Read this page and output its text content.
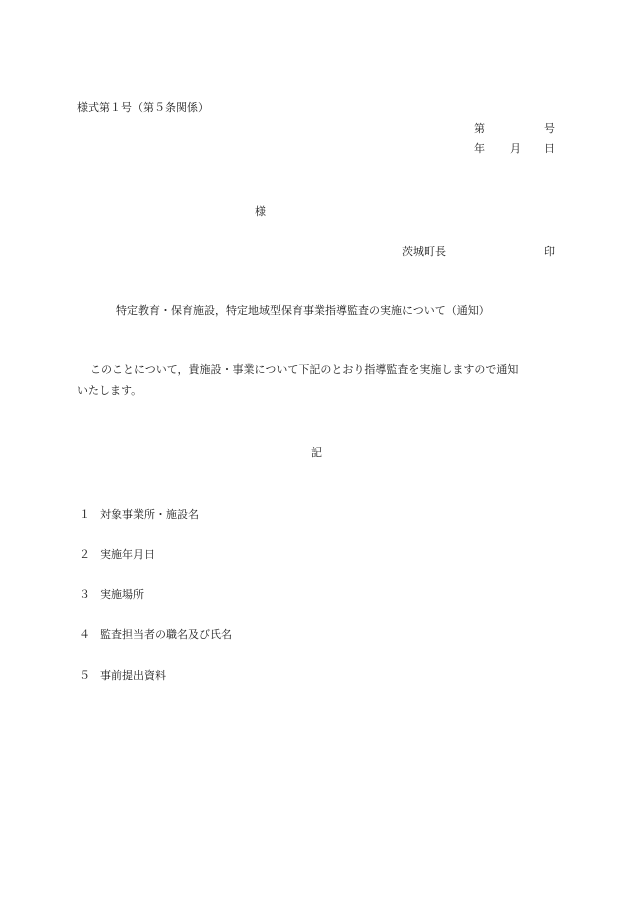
様式第１号（第５条関係）
第	号
年 月 日
様
茨城町長	印
特定教育・保育施設，特定地域型保育事業指導監査の実施について（通知）
このことについて，貴施設・事業について下記のとおり指導監査を実施しますので通知
いたします。
記
１ 対象事業所・施設名
２ 実施年月日
３ 実施場所
４ 監査担当者の職名及び氏名
５ 事前提出資料
